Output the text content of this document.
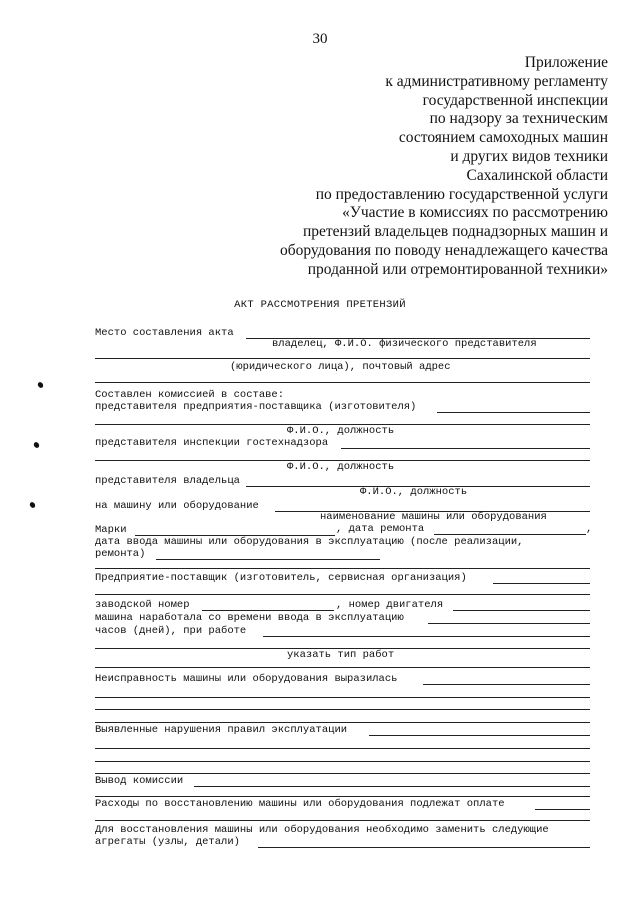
30
Приложение
к административному регламенту
государственной инспекции
по надзору за техническим
состоянием самоходных машин
и других видов техники
Сахалинской области
по предоставлению государственной услуги
«Участие в комиссиях по рассмотрению
претензий владельцев поднадзорных машин и
оборудования по поводу ненадлежащего качества
проданной или отремонтированной техники»
АКТ РАССМОТРЕНИЯ ПРЕТЕНЗИЙ
Место составления акта
владелец, Ф.И.О. физического представителя
(юридического лица), почтовый адрес
Составлен комиссией в составе:
представителя предприятия-поставщика (изготовителя)
Ф.И.О., должность
представителя инспекции гостехнадзора
Ф.И.О., должность
представителя владельца
Ф.И.О., должность
на машину или оборудование
наименование машины или оборудования
Марки	, дата ремонта	,
дата ввода машины или оборудования в эксплуатацию (после реализации,
ремонта)
Предприятие-поставщик (изготовитель, сервисная организация)
заводской номер	, номер двигателя
машина наработала со времени ввода в эксплуатацию
часов (дней), при работе
указать тип работ
Неисправность машины или оборудования выразилась
Выявленные нарушения правил эксплуатации
Вывод комиссии
Расходы по восстановлению машины или оборудования подлежат оплате
Для восстановления машины или оборудования необходимо заменить следующие
агрегаты (узлы, детали)
